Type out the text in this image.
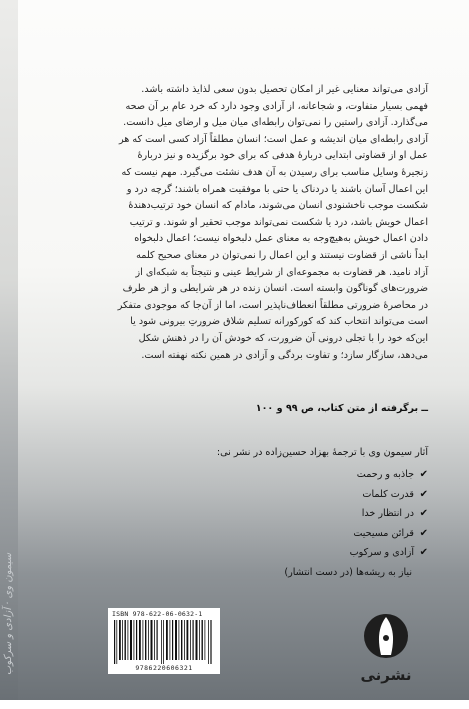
سیمون وی · آزادی و سرکوب

آزادی می‌تواند معنایی غیر از امکان تحصیل بدون سعی لذایذ داشته باشد.

فهمی بسیار متفاوت، و شجاعانه، از آزادی وجود دارد که خرد عام بر آن صحه

می‌گذارد. آزادی راستین را نمی‌توان رابطه‌ای میان میل و ارضای میل دانست.

آزادی رابطه‌ای میان اندیشه و عمل است؛ انسان مطلقاً آزاد کسی است که هر

عمل او از قضاوتی ابتدایی درباره‌ٔ هدفی که برای خود برگزیده و نیز درباره‌ٔ

زنجیرهٔ وسایل مناسب برای رسیدن به آن هدف نشئت می‌گیرد. مهم نیست که

این اعمال آسان باشند یا دردناک یا حتی با موفقیت همراه باشند؛ گرچه درد و

شکست موجب ناخشنودی انسان می‌شوند، مادام که انسان خود ترتیب‌دهندهٔ

اعمال خویش باشد، درد یا شکست نمی‌تواند موجب تحقیر او شوند. و ترتیب

دادن اعمال خویش به‌هیچ‌وجه به معنای عمل دلبخواه نیست؛ اعمال دلبخواه

ابداً ناشی از قضاوت نیستند و این اعمال را نمی‌توان در معنای صحیح کلمه

آزاد نامید. هر قضاوت به مجموعه‌ای از شرایط عینی و نتیجتاً به شبکه‌ای از

ضرورت‌های گوناگون وابسته است. انسان زنده در هر شرایطی و از هر طرف

در محاصرهٔ ضرورتی مطلقاً انعطاف‌ناپذیر است، اما از آن‌جا که موجودی متفکر

است می‌تواند انتخاب کند که کورکورانه تسلیم شلاق ضرورتِ بیرونی شود یا

این‌که خود را با تجلی درونی آن ضرورت، که خودش آن را در ذهنش شکل

می‌دهد، سازگار سازد؛ و تفاوت بردگی و آزادی در همین نکته نهفته است.

ــ برگرفته از متن کتاب، ص ۹۹ و ۱۰۰
آثار سیمون وی با ترجمهٔ بهزاد حسین‌زاده در نشر نی:
✔
جاذبه و رحمت
✔
قدرت کلمات
✔
در انتظار خدا
✔
قرائن مسیحیت
✔
آزادی و سرکوب
نیاز به ریشه‌ها (در دست انتشار)
ISBN 978-622-06-0632-1
9786220606321	نشرنی
